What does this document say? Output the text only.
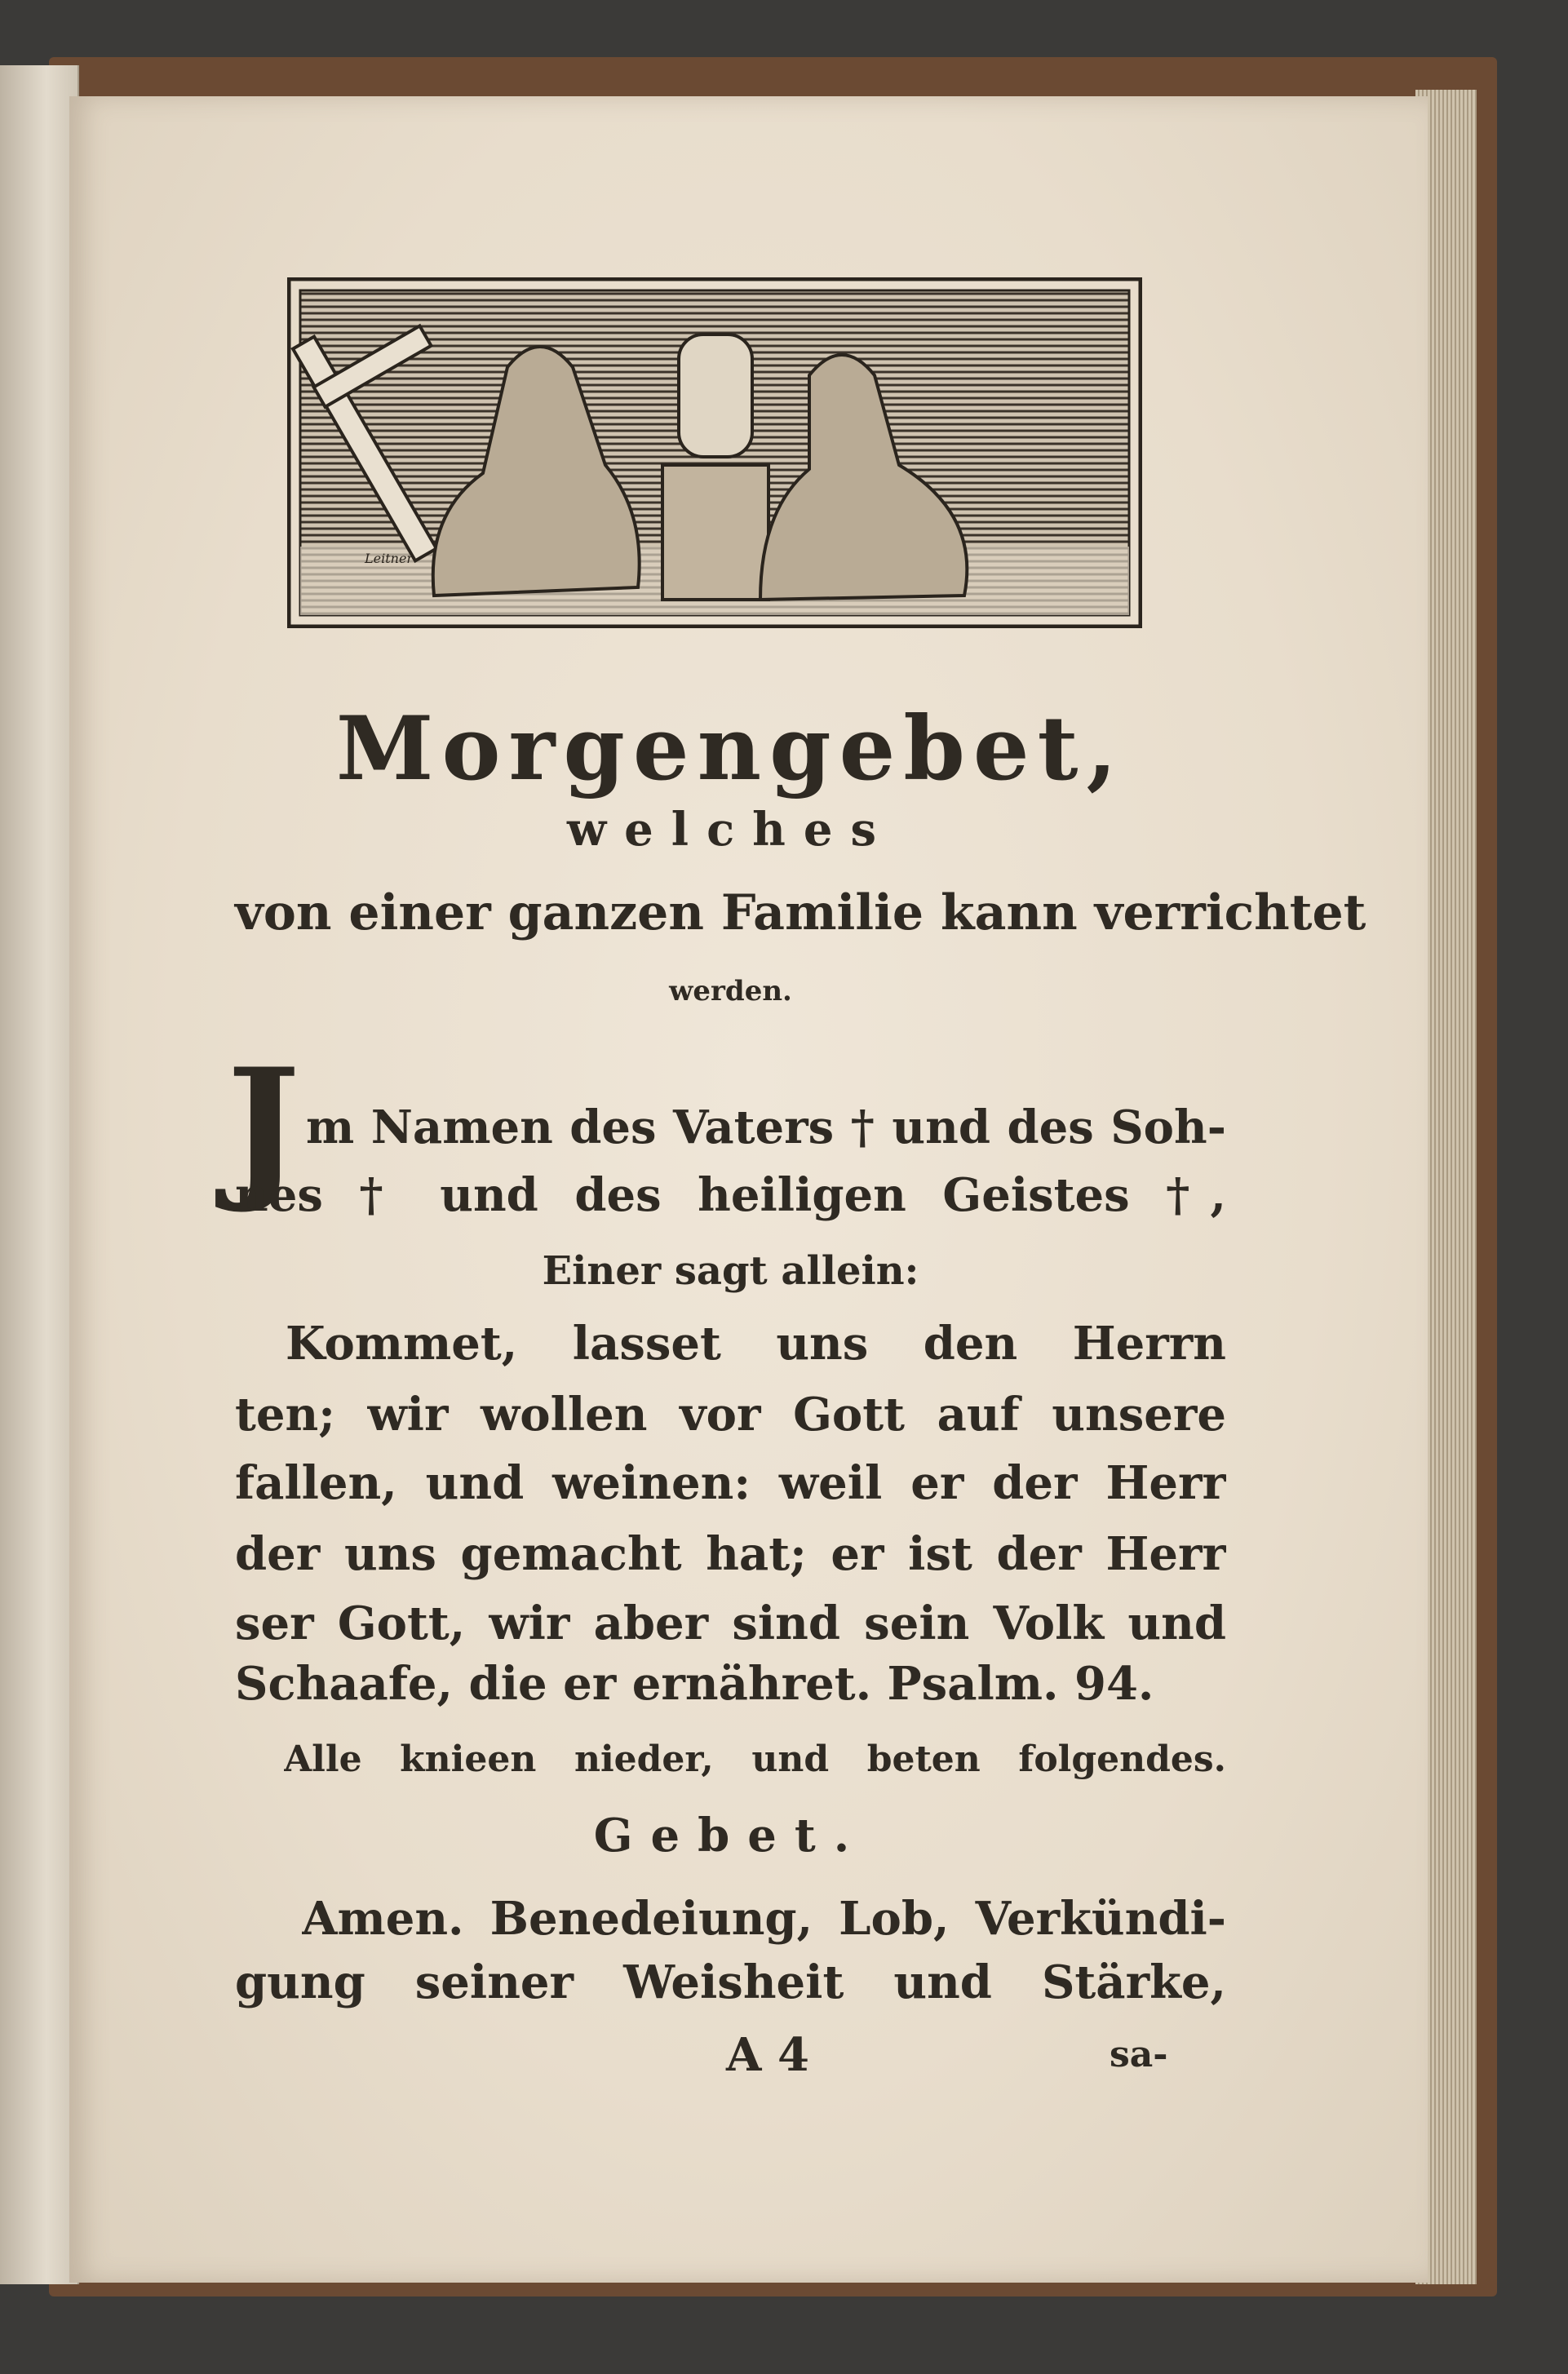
Leitner
Morgengebet,
welches
von einer ganzen Familie kann verrichtet
werden.
J m Namen des Vaters † und des Soh-
nes † und des heiligen Geistes †,
Einer sagt allein:
Kommet, lasset uns den Herrn
ten; wir wollen vor Gott auf unsere
fallen, und weinen: weil er der Herr
der uns gemacht hat; er ist der Herr
ser Gott, wir aber sind sein Volk und
Schaafe, die er ernähret. Psalm. 94.
Alle knieen nieder, und beten folgendes.
Gebet.
Amen. Benedeiung, Lob, Verkündi-
gung seiner Weisheit und Stärke,
A 4	sa-
